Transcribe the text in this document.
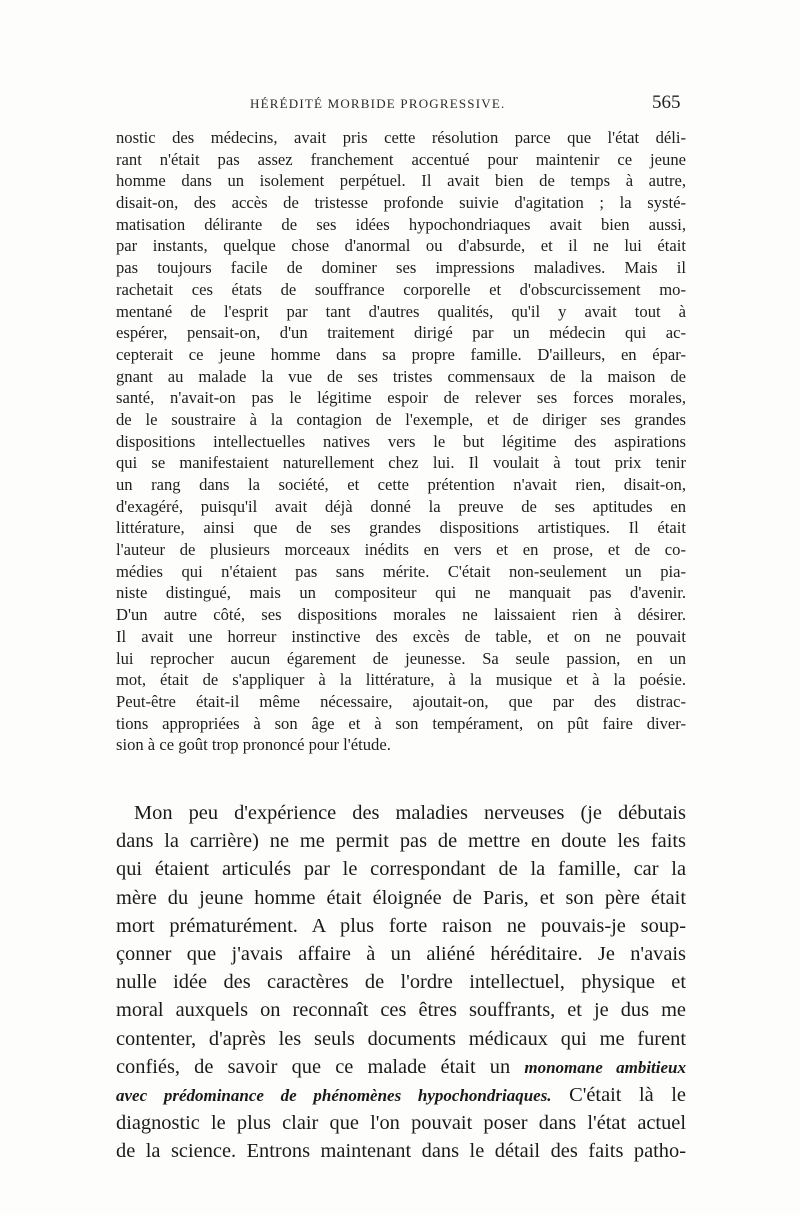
HÉRÉDITÉ MORBIDE PROGRESSIVE.	565
nostic des médecins, avait pris cette résolution parce que l'état déli-
rant n'était pas assez franchement accentué pour maintenir ce jeune
homme dans un isolement perpétuel. Il avait bien de temps à autre,
disait-on, des accès de tristesse profonde suivie d'agitation ; la systé-
matisation délirante de ses idées hypochondriaques avait bien aussi,
par instants, quelque chose d'anormal ou d'absurde, et il ne lui était
pas toujours facile de dominer ses impressions maladives. Mais il
rachetait ces états de souffrance corporelle et d'obscurcissement mo-
mentané de l'esprit par tant d'autres qualités, qu'il y avait tout à
espérer, pensait-on, d'un traitement dirigé par un médecin qui ac-
cepterait ce jeune homme dans sa propre famille. D'ailleurs, en épar-
gnant au malade la vue de ses tristes commensaux de la maison de
santé, n'avait-on pas le légitime espoir de relever ses forces morales,
de le soustraire à la contagion de l'exemple, et de diriger ses grandes
dispositions intellectuelles natives vers le but légitime des aspirations
qui se manifestaient naturellement chez lui. Il voulait à tout prix tenir
un rang dans la société, et cette prétention n'avait rien, disait-on,
d'exagéré, puisqu'il avait déjà donné la preuve de ses aptitudes en
littérature, ainsi que de ses grandes dispositions artistiques. Il était
l'auteur de plusieurs morceaux inédits en vers et en prose, et de co-
médies qui n'étaient pas sans mérite. C'était non-seulement un pia-
niste distingué, mais un compositeur qui ne manquait pas d'avenir.
D'un autre côté, ses dispositions morales ne laissaient rien à désirer.
Il avait une horreur instinctive des excès de table, et on ne pouvait
lui reprocher aucun égarement de jeunesse. Sa seule passion, en un
mot, était de s'appliquer à la littérature, à la musique et à la poésie.
Peut-être était-il même nécessaire, ajoutait-on, que par des distrac-
tions appropriées à son âge et à son tempérament, on pût faire diver-
sion à ce goût trop prononcé pour l'étude.
Mon peu d'expérience des maladies nerveuses (je débutais
dans la carrière) ne me permit pas de mettre en doute les faits
qui étaient articulés par le correspondant de la famille, car la
mère du jeune homme était éloignée de Paris, et son père était
mort prématurément. A plus forte raison ne pouvais-je soup-
çonner que j'avais affaire à un aliéné héréditaire. Je n'avais
nulle idée des caractères de l'ordre intellectuel, physique et
moral auxquels on reconnaît ces êtres souffrants, et je dus me
contenter, d'après les seuls documents médicaux qui me furent
confiés, de savoir que ce malade était un monomane ambitieux
avec prédominance de phénomènes hypochondriaques. C'était là le
diagnostic le plus clair que l'on pouvait poser dans l'état actuel
de la science. Entrons maintenant dans le détail des faits patho-
